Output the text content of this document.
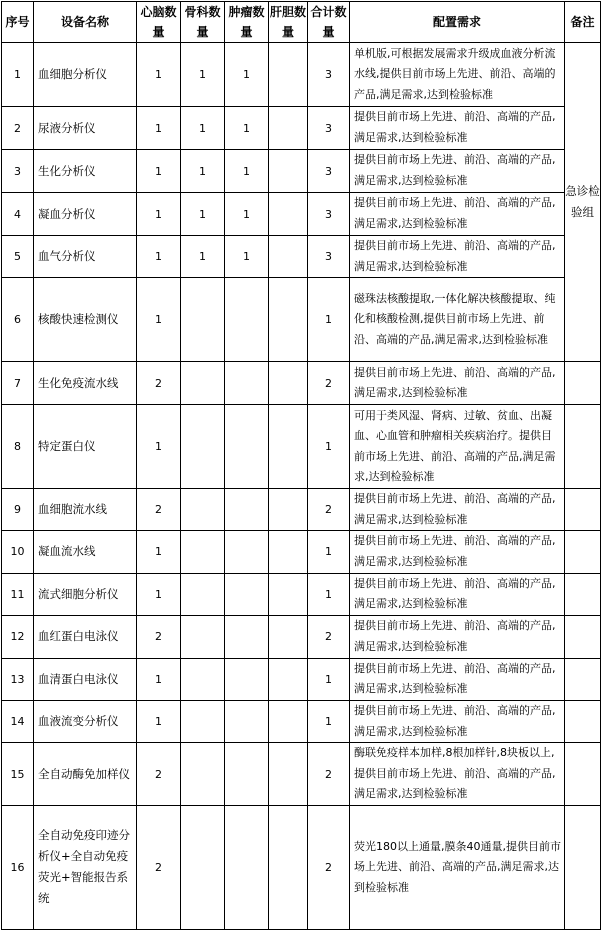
序号	设备名称	心脑数量	骨科数量	肿瘤数量	肝胆数量	合计数量	配置需求	备注
1	血细胞分析仪	1	1	1		3	单机版,可根据发展需求升级成血液分析流水线,提供目前市场上先进、前沿、高端的产品,满足需求,达到检验标准	急诊检验组
2	尿液分析仪	1	1	1		3	提供目前市场上先进、前沿、高端的产品,满足需求,达到检验标准	
3	生化分析仪	1	1	1		3	提供目前市场上先进、前沿、高端的产品,满足需求,达到检验标准	
4	凝血分析仪	1	1	1		3	提供目前市场上先进、前沿、高端的产品,满足需求,达到检验标准	
5	血气分析仪	1	1	1		3	提供目前市场上先进、前沿、高端的产品,满足需求,达到检验标准	
6	核酸快速检测仪	1				1	磁珠法核酸提取,一体化解决核酸提取、纯化和核酸检测,提供目前市场上先进、前沿、高端的产品,满足需求,达到检验标准	
7	生化免疫流水线	2				2	提供目前市场上先进、前沿、高端的产品,满足需求,达到检验标准	
8	特定蛋白仪	1				1	可用于类风湿、肾病、过敏、贫血、出凝血、心血管和肿瘤相关疾病治疗。提供目前市场上先进、前沿、高端的产品,满足需求,达到检验标准	
9	血细胞流水线	2				2	提供目前市场上先进、前沿、高端的产品,满足需求,达到检验标准	
10	凝血流水线	1				1	提供目前市场上先进、前沿、高端的产品,满足需求,达到检验标准	
11	流式细胞分析仪	1				1	提供目前市场上先进、前沿、高端的产品,满足需求,达到检验标准	
12	血红蛋白电泳仪	2				2	提供目前市场上先进、前沿、高端的产品,满足需求,达到检验标准	
13	血清蛋白电泳仪	1				1	提供目前市场上先进、前沿、高端的产品,满足需求,达到检验标准	
14	血液流变分析仪	1				1	提供目前市场上先进、前沿、高端的产品,满足需求,达到检验标准	
15	全自动酶免加样仪	2				2	酶联免疫样本加样,8根加样针,8块板以上,提供目前市场上先进、前沿、高端的产品,满足需求,达到检验标准	
16	全自动免疫印迹分析仪+全自动免疫荧光+智能报告系统	2				2	荧光180以上通量,膜条40通量,提供目前市场上先进、前沿、高端的产品,满足需求,达到检验标准	
